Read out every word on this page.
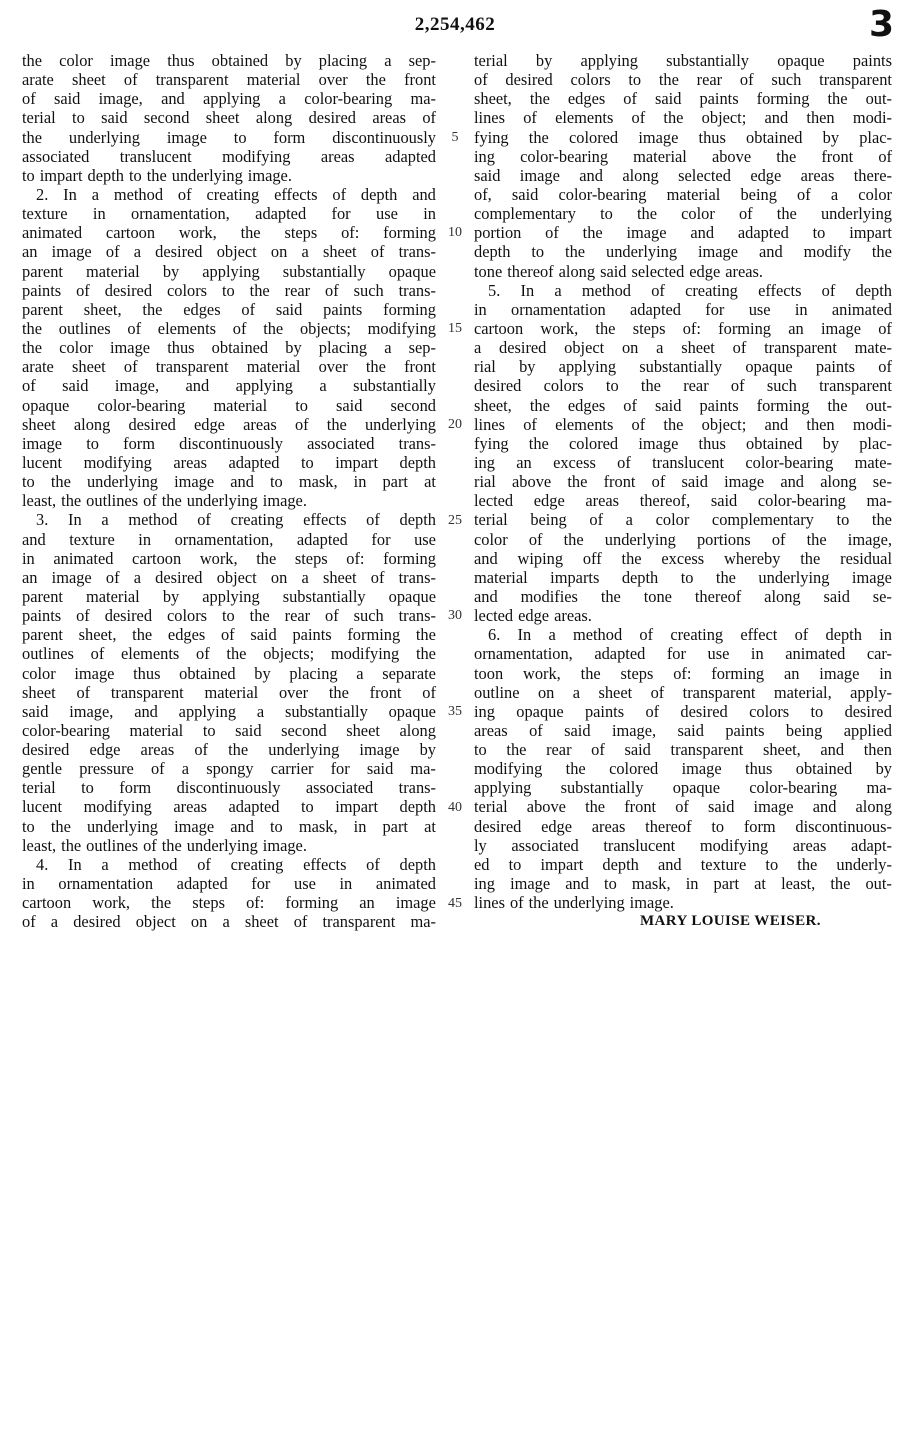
2,254,462	3
the color image thus obtained by placing a sep-
arate sheet of transparent material over the front
of said image, and applying a color-bearing ma-
terial to said second sheet along desired areas of
the underlying image to form discontinuously
associated translucent modifying areas adapted
to impart depth to the underlying image.
2. In a method of creating effects of depth and
texture in ornamentation, adapted for use in
animated cartoon work, the steps of: forming
an image of a desired object on a sheet of trans-
parent material by applying substantially opaque
paints of desired colors to the rear of such trans-
parent sheet, the edges of said paints forming
the outlines of elements of the objects; modifying
the color image thus obtained by placing a sep-
arate sheet of transparent material over the front
of said image, and applying a substantially
opaque color-bearing material to said second
sheet along desired edge areas of the underlying
image to form discontinuously associated trans-
lucent modifying areas adapted to impart depth
to the underlying image and to mask, in part at
least, the outlines of the underlying image.
3. In a method of creating effects of depth
and texture in ornamentation, adapted for use
in animated cartoon work, the steps of: forming
an image of a desired object on a sheet of trans-
parent material by applying substantially opaque
paints of desired colors to the rear of such trans-
parent sheet, the edges of said paints forming the
outlines of elements of the objects; modifying the
color image thus obtained by placing a separate
sheet of transparent material over the front of
said image, and applying a substantially opaque
color-bearing material to said second sheet along
desired edge areas of the underlying image by
gentle pressure of a spongy carrier for said ma-
terial to form discontinuously associated trans-
lucent modifying areas adapted to impart depth
to the underlying image and to mask, in part at
least, the outlines of the underlying image.
4. In a method of creating effects of depth
in ornamentation adapted for use in animated
cartoon work, the steps of: forming an image
of a desired object on a sheet of transparent ma-
terial by applying substantially opaque paints
of desired colors to the rear of such transparent
sheet, the edges of said paints forming the out-
lines of elements of the object; and then modi-
fying the colored image thus obtained by plac-
ing color-bearing material above the front of
said image and along selected edge areas there-
of, said color-bearing material being of a color
complementary to the color of the underlying
portion of the image and adapted to impart
depth to the underlying image and modify the
tone thereof along said selected edge areas.
5. In a method of creating effects of depth
in ornamentation adapted for use in animated
cartoon work, the steps of: forming an image of
a desired object on a sheet of transparent mate-
rial by applying substantially opaque paints of
desired colors to the rear of such transparent
sheet, the edges of said paints forming the out-
lines of elements of the object; and then modi-
fying the colored image thus obtained by plac-
ing an excess of translucent color-bearing mate-
rial above the front of said image and along se-
lected edge areas thereof, said color-bearing ma-
terial being of a color complementary to the
color of the underlying portions of the image,
and wiping off the excess whereby the residual
material imparts depth to the underlying image
and modifies the tone thereof along said se-
lected edge areas.
6. In a method of creating effect of depth in
ornamentation, adapted for use in animated car-
toon work, the steps of: forming an image in
outline on a sheet of transparent material, apply-
ing opaque paints of desired colors to desired
areas of said image, said paints being applied
to the rear of said transparent sheet, and then
modifying the colored image thus obtained by
applying substantially opaque color-bearing ma-
terial above the front of said image and along
desired edge areas thereof to form discontinuous-
ly associated translucent modifying areas adapt-
ed to impart depth and texture to the underly-
ing image and to mask, in part at least, the out-
lines of the underlying image.
5
10
15
20
25
30
35
40
45
MARY LOUISE WEISER.
